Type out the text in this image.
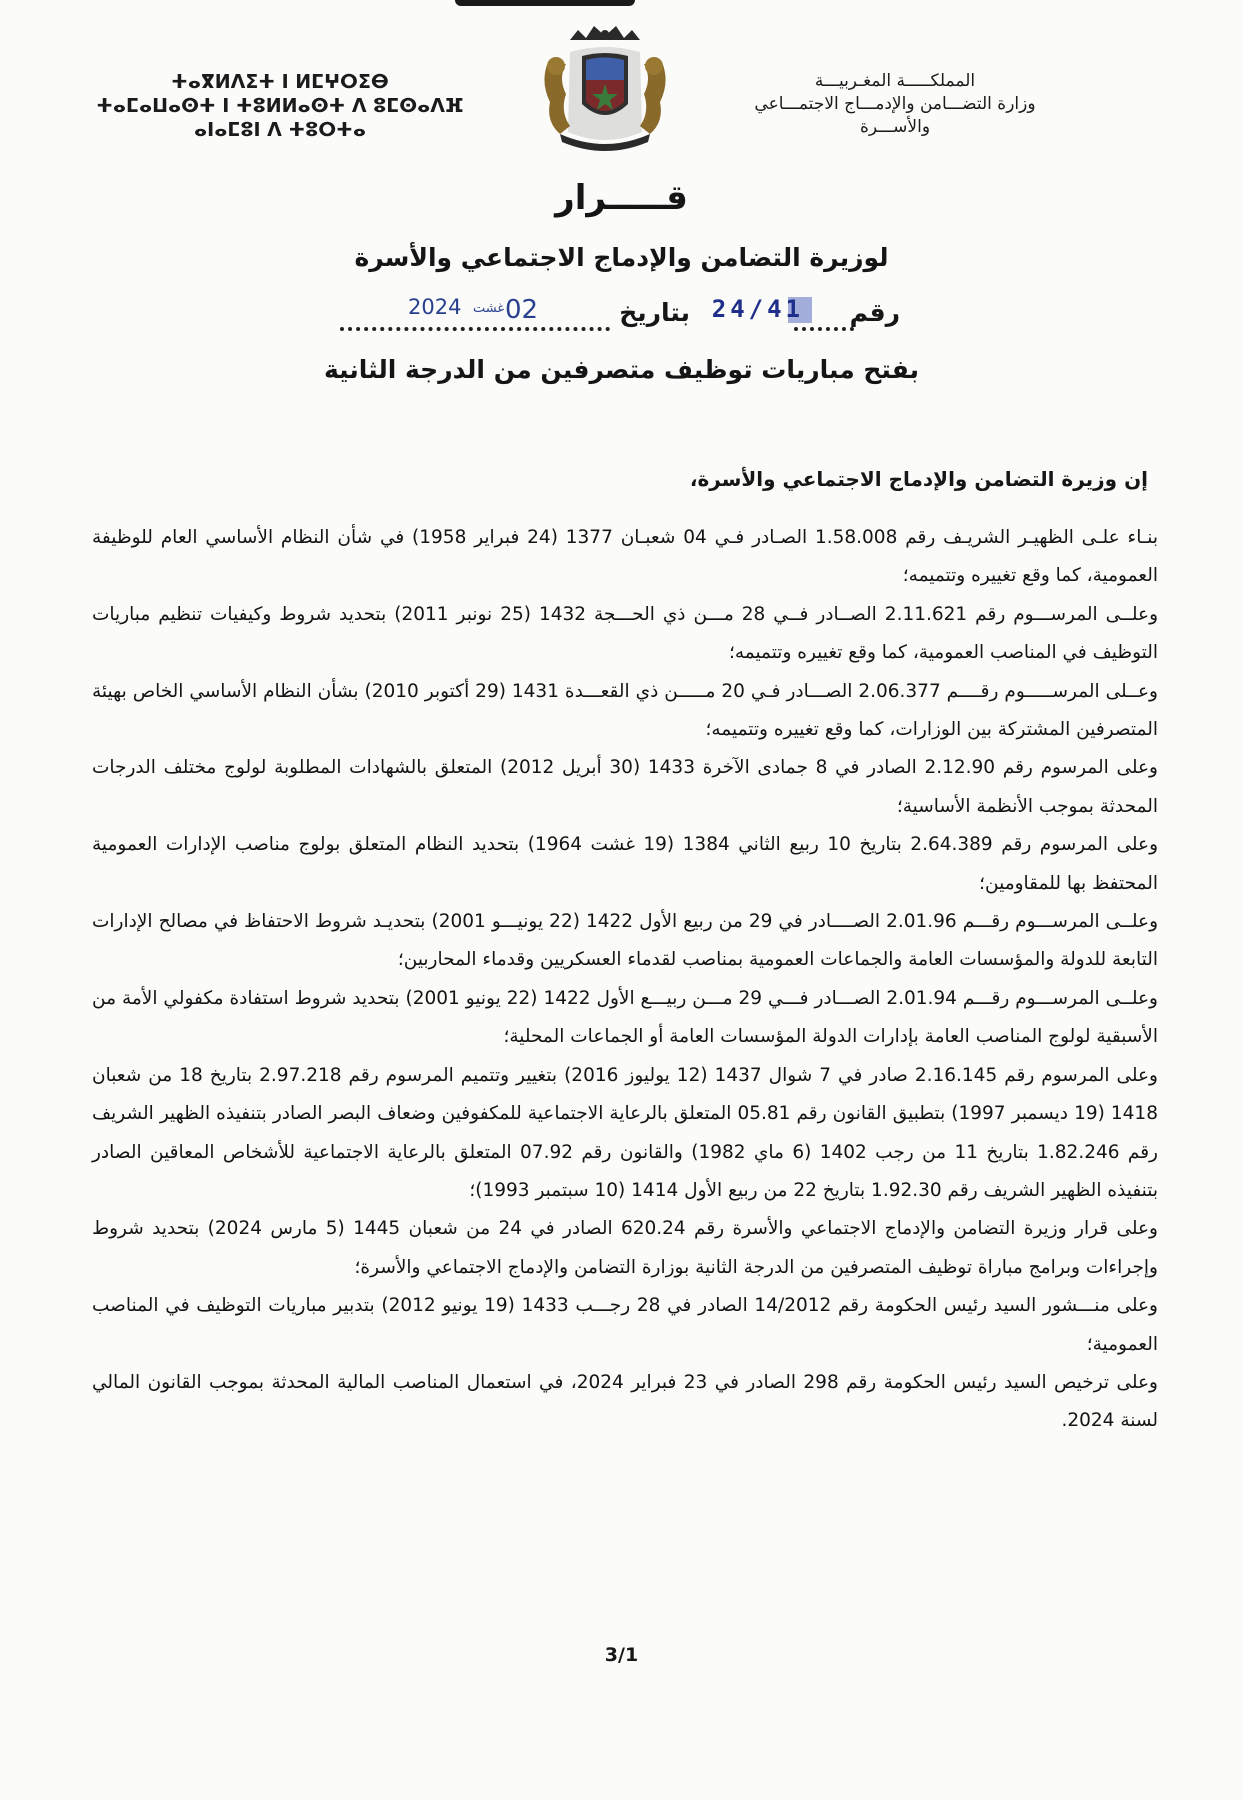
ⵜⴰⴳⵍⴷⵉⵜ ⵏ ⵍⵎⵖⵔⵉⴱ
ⵜⴰⵎⴰⵡⴰⵙⵜ ⵏ ⵜⵓⵍⵍⴰⵙⵜ ⴷ ⵓⵎⵙⴰⴷⴼ
ⴰⵏⴰⵎⵓⵏ ⴷ ⵜⵓⵔⵜⴰ
المملكـــــة المغـربيـــة
وزارة التضـــامن والإدمـــاج الاجتمـــاعي
والأســـرة
قـــــرار
لوزيرة التضامن والإدماج الاجتماعي والأسرة
رقم
24/41
بتاريخ
02
غشت
2024
بفتح مباريات توظيف متصرفين من الدرجة الثانية
إن وزيرة التضامن والإدماج الاجتماعي والأسرة،

بنـاء علـى الظهيـر الشريـف رقم 1.58.008 الصـادر فـي 04 شعبـان 1377 (24 فبراير 1958) في شأن النظام الأساسي العام للوظيفة العمومية، كما وقع تغييره وتتميمه؛

وعلــى المرســـوم رقم 2.11.621 الصــادر فــي 28 مـــن ذي الحـــجة 1432 (25 نونبر 2011) بتحديد شروط وكيفيات تنظيم مباريات التوظيف في المناصب العمومية، كما وقع تغييره وتتميمه؛

وعــلى المرســـــوم رقــــم 2.06.377 الصـــادر فـي 20 مـــــن ذي القعـــدة 1431 (29 أكتوبر 2010) بشأن النظام الأساسي الخاص بهيئة المتصرفين المشتركة بين الوزارات، كما وقع تغييره وتتميمه؛

وعلى المرسوم رقم 2.12.90 الصادر في 8 جمادى الآخرة 1433 (30 أبريل 2012) المتعلق بالشهادات المطلوبة لولوج مختلف الدرجات المحدثة بموجب الأنظمة الأساسية؛

وعلى المرسوم رقم 2.64.389 بتاريخ 10 ربيع الثاني 1384 (19 غشت 1964) بتحديد النظام المتعلق بولوج مناصب الإدارات العمومية المحتفظ بها للمقاومين؛

وعلــى المرســـوم رقـــم 2.01.96 الصــــادر في 29 من ربيع الأول 1422 (22 يونيـــو 2001) بتحديـد شروط الاحتفاظ في مصالح الإدارات التابعة للدولة والمؤسسات العامة والجماعات العمومية بمناصب لقدماء العسكريين وقدماء المحاربين؛

وعلــى المرســـوم رقـــم 2.01.94 الصـــادر فـــي 29 مـــن ربيـــع الأول 1422 (22 يونيو 2001) بتحديد شروط استفادة مكفولي الأمة من الأسبقية لولوج المناصب العامة بإدارات الدولة المؤسسات العامة أو الجماعات المحلية؛

وعلى المرسوم رقم 2.16.145 صادر في 7 شوال 1437 (12 يوليوز 2016) بتغيير وتتميم المرسوم رقم 2.97.218 بتاريخ 18 من شعبان 1418 (19 ديسمبر 1997) بتطبيق القانون رقم 05.81 المتعلق بالرعاية الاجتماعية للمكفوفين وضعاف البصر الصادر بتنفيذه الظهير الشريف رقم 1.82.246 بتاريخ 11 من رجب 1402 (6 ماي 1982) والقانون رقم 07.92 المتعلق بالرعاية الاجتماعية للأشخاص المعاقين الصادر بتنفيذه الظهير الشريف رقم 1.92.30 بتاريخ 22 من ربيع الأول 1414 (10 سبتمبر 1993)؛

وعلى قرار وزيرة التضامن والإدماج الاجتماعي والأسرة رقم 620.24 الصادر في 24 من شعبان 1445 (5 مارس 2024) بتحديد شروط وإجراءات وبرامج مباراة توظيف المتصرفين من الدرجة الثانية بوزارة التضامن والإدماج الاجتماعي والأسرة؛

وعلى منـــشور السيد رئيس الحكومة رقم 14/2012 الصادر في 28 رجـــب 1433 (19 يونيو 2012) بتدبير مباريات التوظيف في المناصب العمومية؛

وعلى ترخيص السيد رئيس الحكومة رقم 298 الصادر في 23 فبراير 2024، في استعمال المناصب المالية المحدثة بموجب القانون المالي لسنة 2024.

3/1
